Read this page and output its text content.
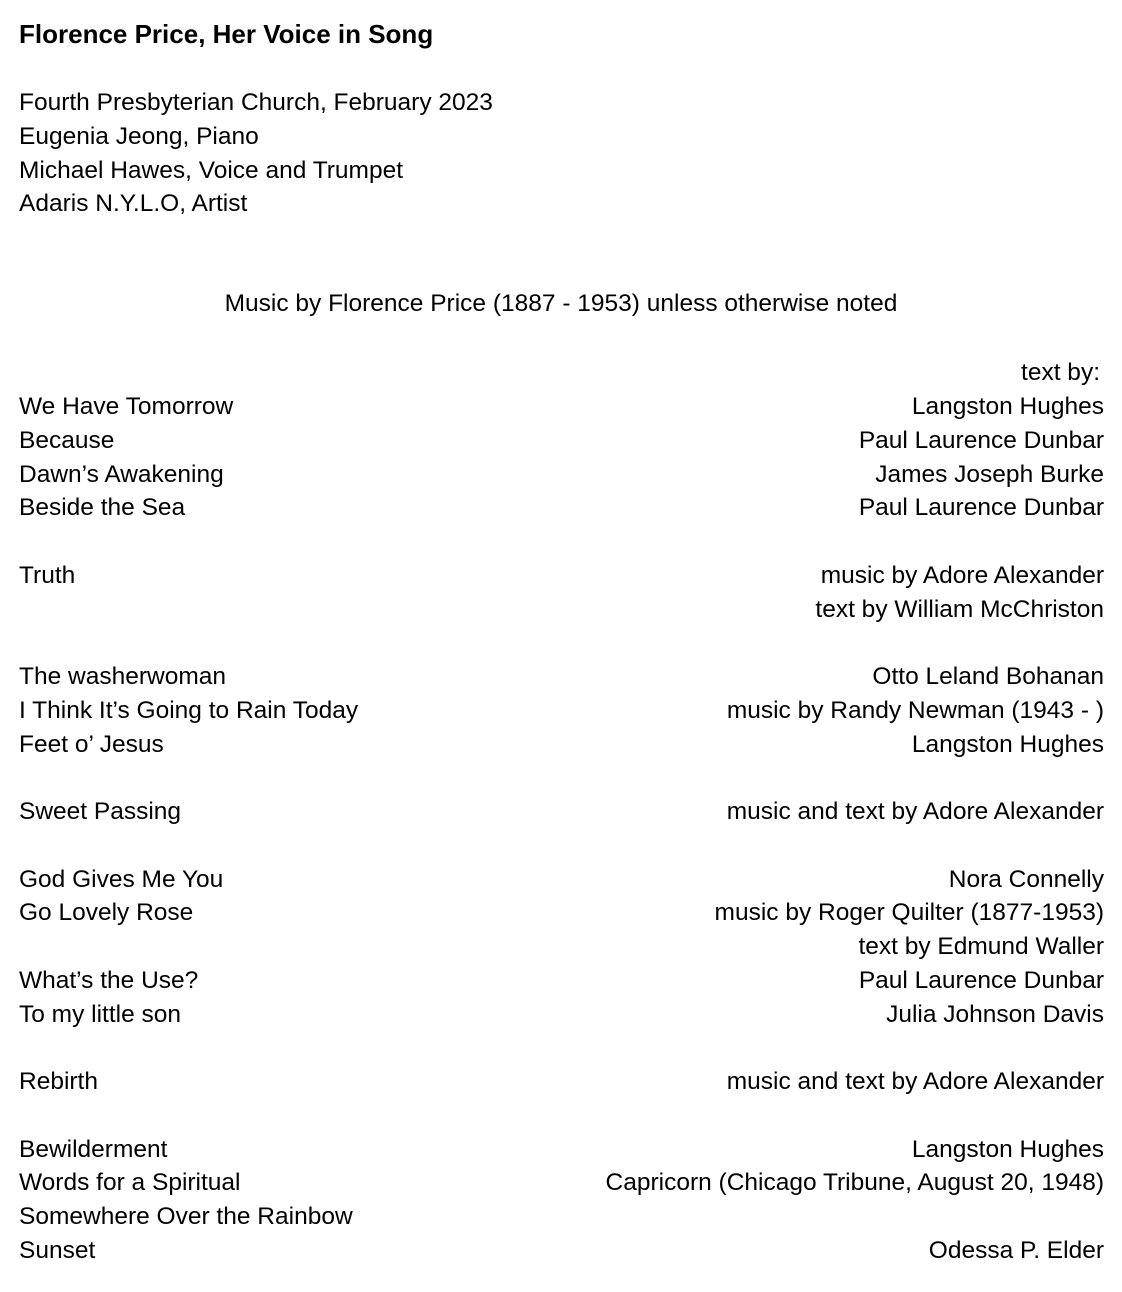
Florence Price, Her Voice in Song
Fourth Presbyterian Church, February 2023
Eugenia Jeong, Piano
Michael Hawes, Voice and Trumpet
Adaris N.Y.L.O, Artist
Music by Florence Price (1887 - 1953) unless otherwise noted
text by:
We Have Tomorrow	Langston Hughes
Because	Paul Laurence Dunbar
Dawn’s Awakening	James Joseph Burke
Beside the Sea	Paul Laurence Dunbar
Truth	music by Adore Alexander
text by William McChriston
The washerwoman	Otto Leland Bohanan
I Think It’s Going to Rain Today	music by Randy Newman (1943 - )
Feet o’ Jesus	Langston Hughes
Sweet Passing	music and text by Adore Alexander
God Gives Me You	Nora Connelly
Go Lovely Rose	music by Roger Quilter (1877-1953)
text by Edmund Waller
What’s the Use?	Paul Laurence Dunbar
To my little son	Julia Johnson Davis
Rebirth	music and text by Adore Alexander
Bewilderment	Langston Hughes
Words for a Spiritual	Capricorn (Chicago Tribune, August 20, 1948)
Somewhere Over the Rainbow
Sunset	Odessa P. Elder
